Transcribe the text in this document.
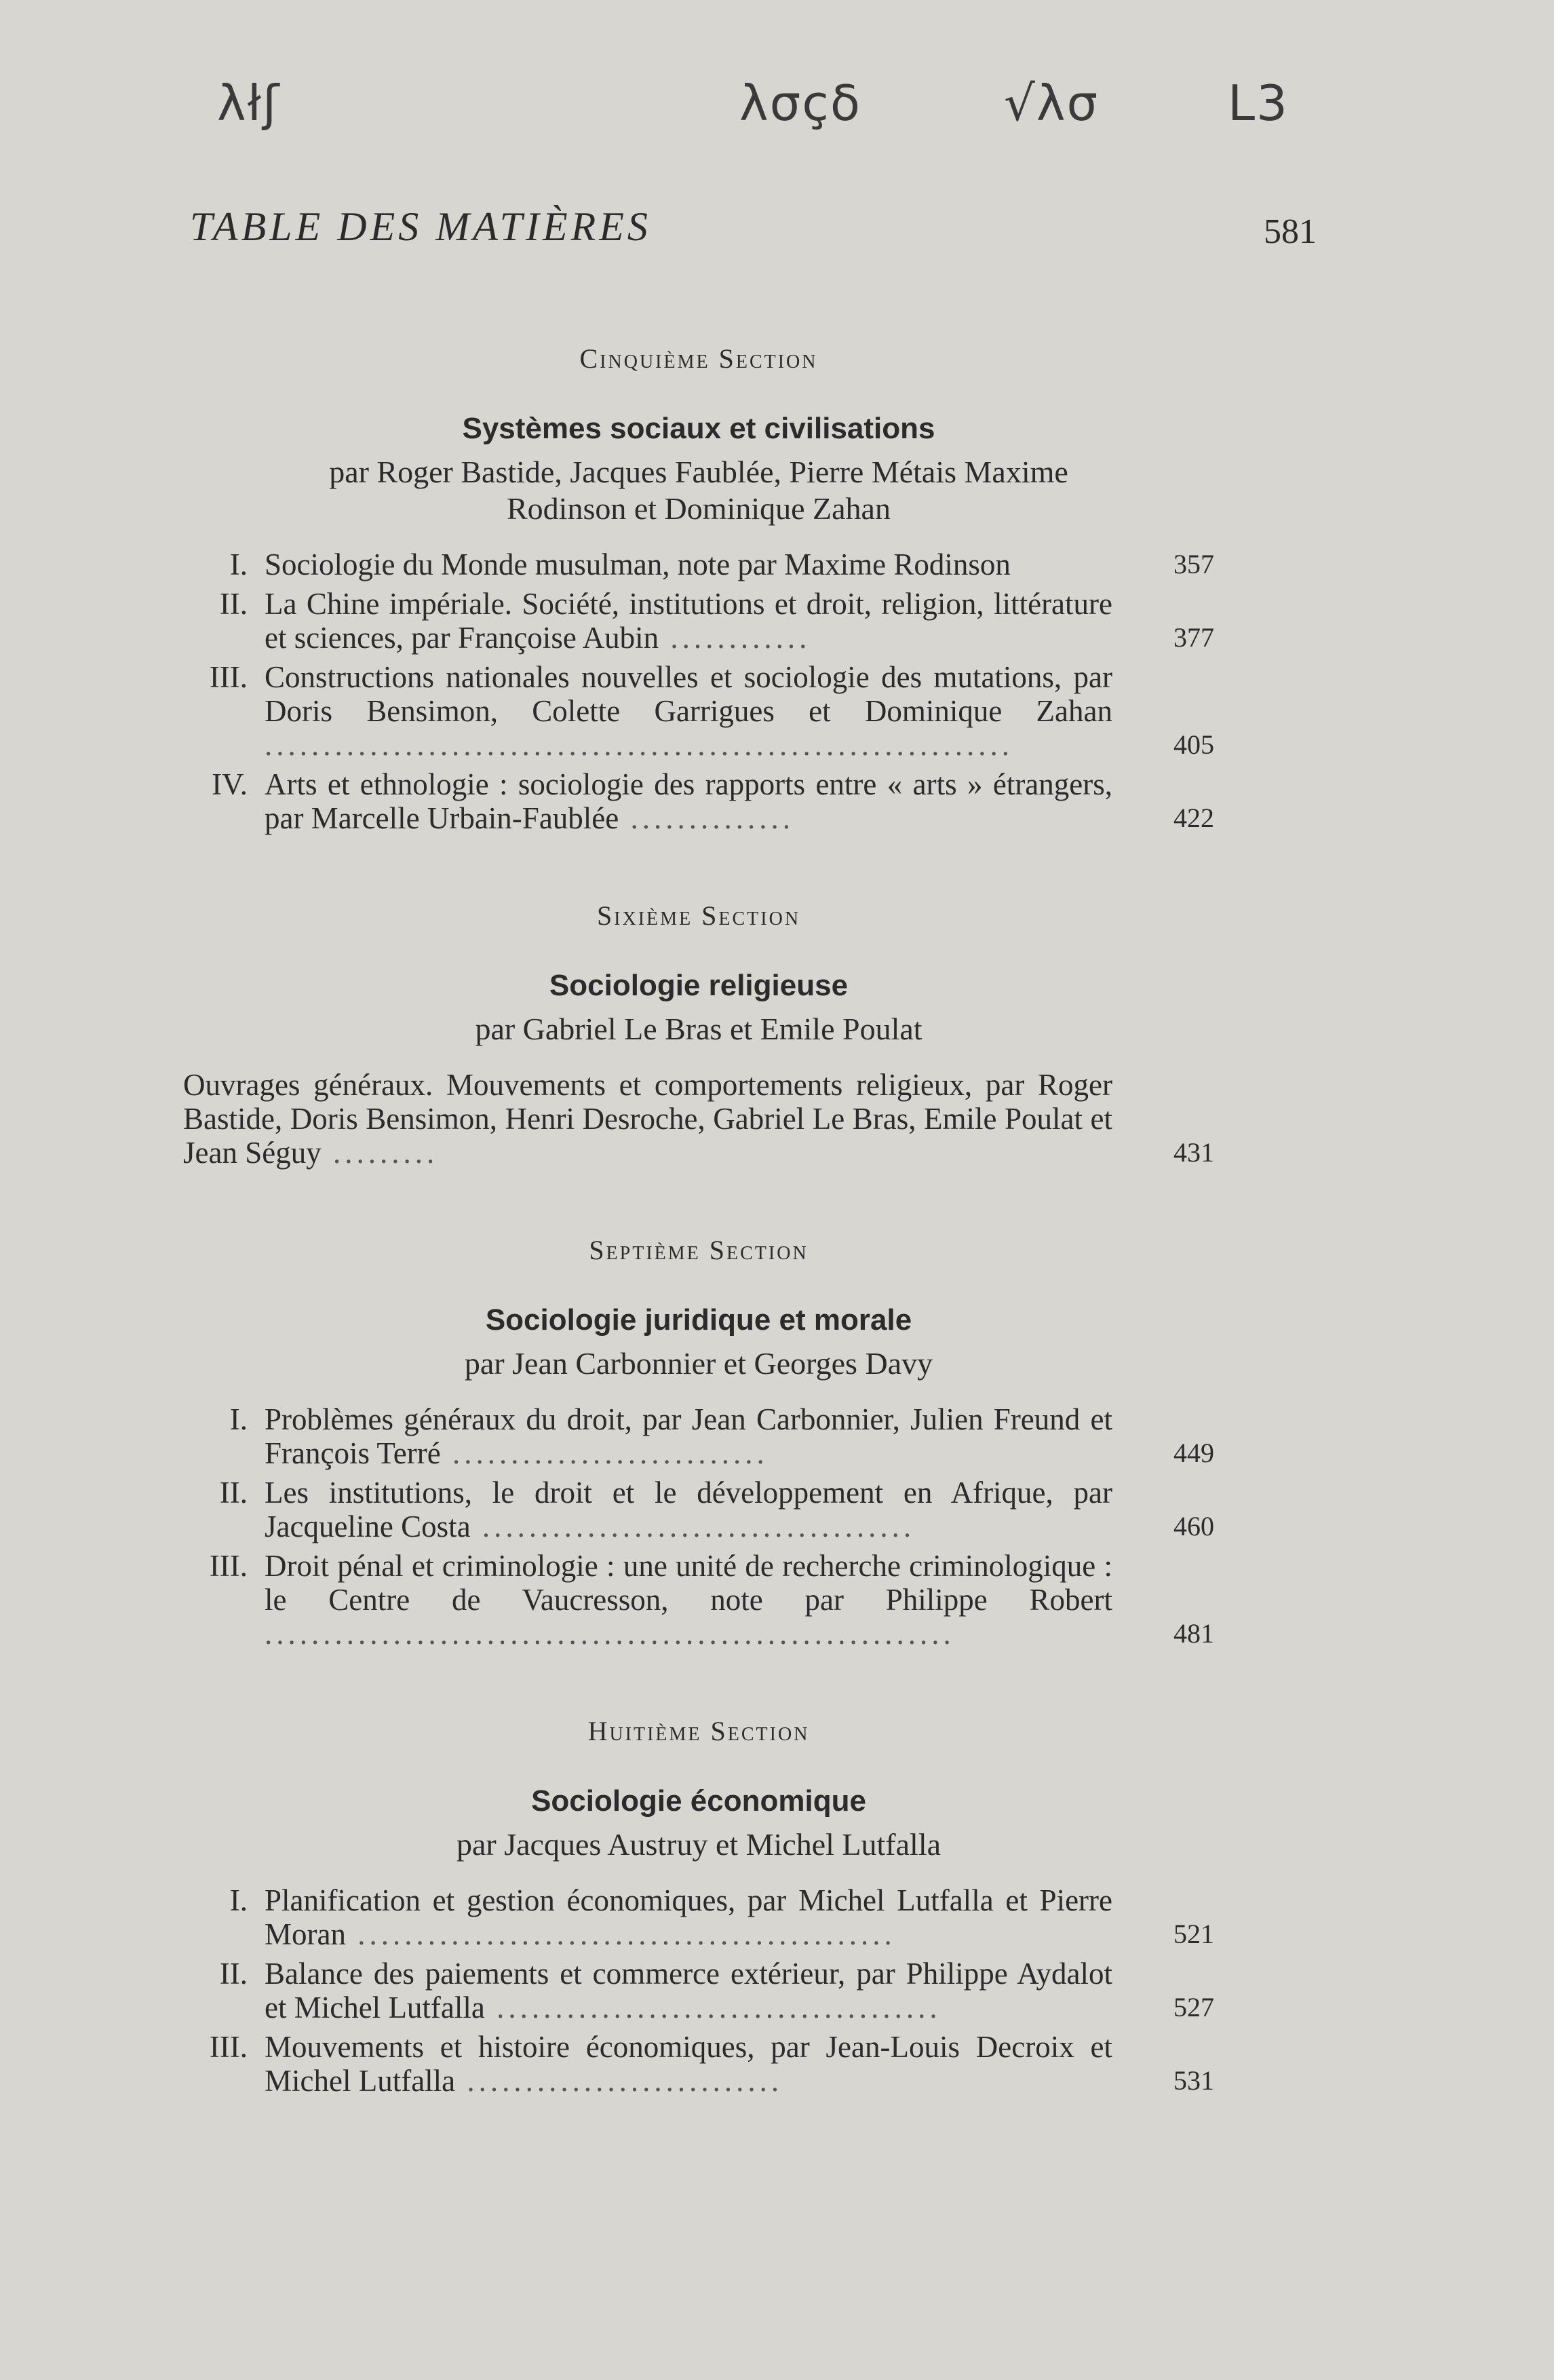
λłʃ	λσçδ	√λσ	L3
TABLE DES MATIÈRES	581
Cinquième Section
Systèmes sociaux et civilisations
par Roger Bastide, Jacques Faublée, Pierre Métais Maxime Rodinson et Dominique Zahan
I. Sociologie du Monde musulman, note par Maxime Rodinson	357
II. La Chine impériale. Société, institutions et droit, religion, littérature et sciences, par Françoise Aubin ............	377
III. Constructions nationales nouvelles et sociologie des mutations, par Doris Bensimon, Colette Garrigues et Dominique Zahan ................................................................	405
IV. Arts et ethnologie : sociologie des rapports entre « arts » étrangers, par Marcelle Urbain-Faublée ..............	422
Sixième Section
Sociologie religieuse
par Gabriel Le Bras et Emile Poulat
Ouvrages généraux. Mouvements et comportements religieux, par Roger Bastide, Doris Bensimon, Henri Desroche, Gabriel Le Bras, Emile Poulat et Jean Séguy .........	431
Septième Section
Sociologie juridique et morale
par Jean Carbonnier et Georges Davy
I. Problèmes généraux du droit, par Jean Carbonnier, Julien Freund et François Terré ...........................	449
II. Les institutions, le droit et le développement en Afrique, par Jacqueline Costa .....................................	460
III. Droit pénal et criminologie : une unité de recherche criminologique : le Centre de Vaucresson, note par Philippe Robert ...........................................................	481
Huitième Section
Sociologie économique
par Jacques Austruy et Michel Lutfalla
I. Planification et gestion économiques, par Michel Lutfalla et Pierre Moran ..............................................	521
II. Balance des paiements et commerce extérieur, par Philippe Aydalot et Michel Lutfalla ......................................	527
III. Mouvements et histoire économiques, par Jean-Louis Decroix et Michel Lutfalla ...........................	531
